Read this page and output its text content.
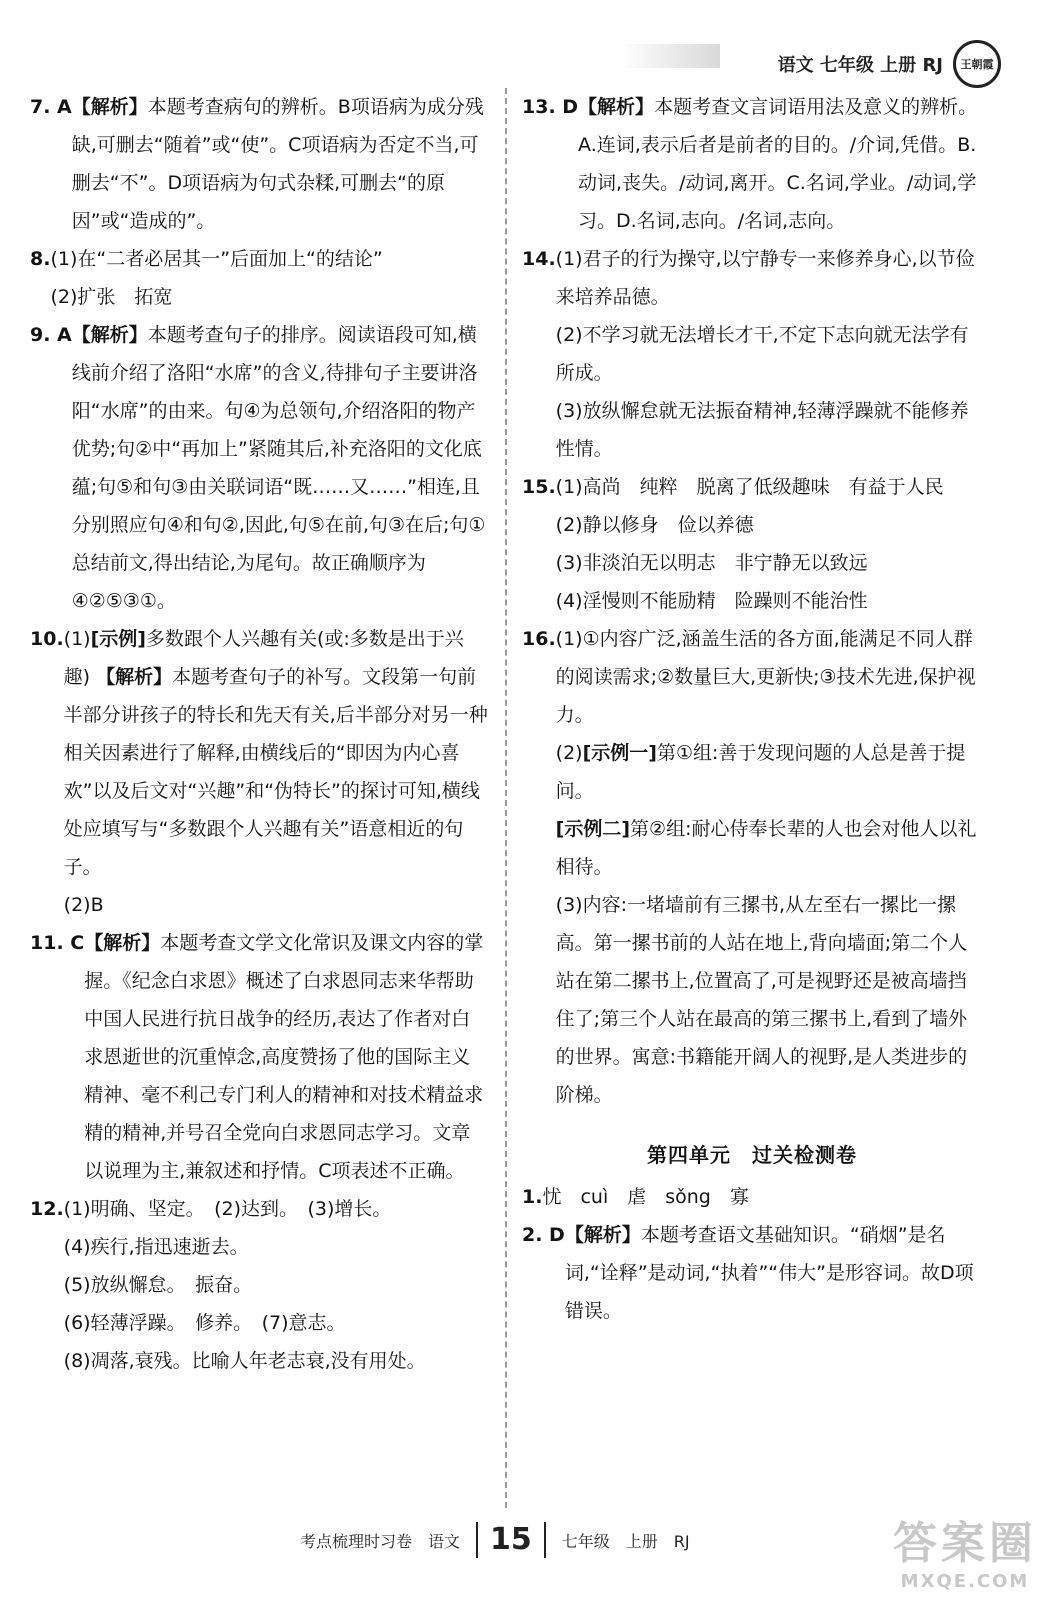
语文 七年级 上册 RJ	王朝霞
7. A 【解析】本题考查病句的辨析。B项语病为成分残缺,可删去“随着”或“使”。C项语病为否定不当,可删去“不”。D项语病为句式杂糅,可删去“的原因”或“造成的”。

8. (1)在“二者必居其一”后面加上“的结论”

(2)扩张　拓宽

9. A 【解析】本题考查句子的排序。阅读语段可知,横线前介绍了洛阳“水席”的含义,待排句子主要讲洛阳“水席”的由来。句④为总领句,介绍洛阳的物产优势;句②中“再加上”紧随其后,补充洛阳的文化底蕴;句⑤和句③由关联词语“既……又……”相连,且分别照应句④和句②,因此,句⑤在前,句③在后;句①总结前文,得出结论,为尾句。故正确顺序为④②⑤③①。

10. (1)[示例]多数跟个人兴趣有关(或:多数是出于兴趣) 【解析】本题考查句子的补写。文段第一句前半部分讲孩子的特长和先天有关,后半部分对另一种相关因素进行了解释,由横线后的“即因为内心喜欢”以及后文对“兴趣”和“伪特长”的探讨可知,横线处应填写与“多数跟个人兴趣有关”语意相近的句子。

(2)B

11. C 【解析】本题考查文学文化常识及课文内容的掌握。《纪念白求恩》概述了白求恩同志来华帮助中国人民进行抗日战争的经历,表达了作者对白求恩逝世的沉重悼念,高度赞扬了他的国际主义精神、毫不利己专门利人的精神和对技术精益求精的精神,并号召全党向白求恩同志学习。文章以说理为主,兼叙述和抒情。C项表述不正确。

12. (1)明确、坚定。　(2)达到。　(3)增长。

(4)疾行,指迅速逝去。

(5)放纵懈怠。　振奋。

(6)轻薄浮躁。　修养。　(7)意志。

(8)凋落,衰残。比喻人年老志衰,没有用处。

13. D 【解析】本题考查文言词语用法及意义的辨析。A.连词,表示后者是前者的目的。/介词,凭借。B.动词,丧失。/动词,离开。C.名词,学业。/动词,学习。D.名词,志向。/名词,志向。

14. (1)君子的行为操守,以宁静专一来修养身心,以节俭来培养品德。

(2)不学习就无法增长才干,不定下志向就无法学有所成。

(3)放纵懈怠就无法振奋精神,轻薄浮躁就不能修养性情。

15. (1)高尚　纯粹　脱离了低级趣味　有益于人民

(2)静以修身　俭以养德

(3)非淡泊无以明志　非宁静无以致远

(4)淫慢则不能励精　险躁则不能治性

16. (1)①内容广泛,涵盖生活的各方面,能满足不同人群的阅读需求;②数量巨大,更新快;③技术先进,保护视力。

(2)[示例一]第①组:善于发现问题的人总是善于提问。

[示例二]第②组:耐心侍奉长辈的人也会对他人以礼相待。

(3)内容:一堵墙前有三摞书,从左至右一摞比一摞高。第一摞书前的人站在地上,背向墙面;第二个人站在第二摞书上,位置高了,可是视野还是被高墙挡住了;第三个人站在最高的第三摞书上,看到了墙外的世界。寓意:书籍能开阔人的视野,是人类进步的阶梯。

第四单元　过关检测卷
1. 忧　cuì　虐　sǒng　寡

2. D 【解析】本题考查语文基础知识。“硝烟”是名词,“诠释”是动词,“执着”“伟大”是形容词。故D项错误。

考点梳理时习卷　语文	15	七年级　上册　RJ	答案圈
MXQE.COM
